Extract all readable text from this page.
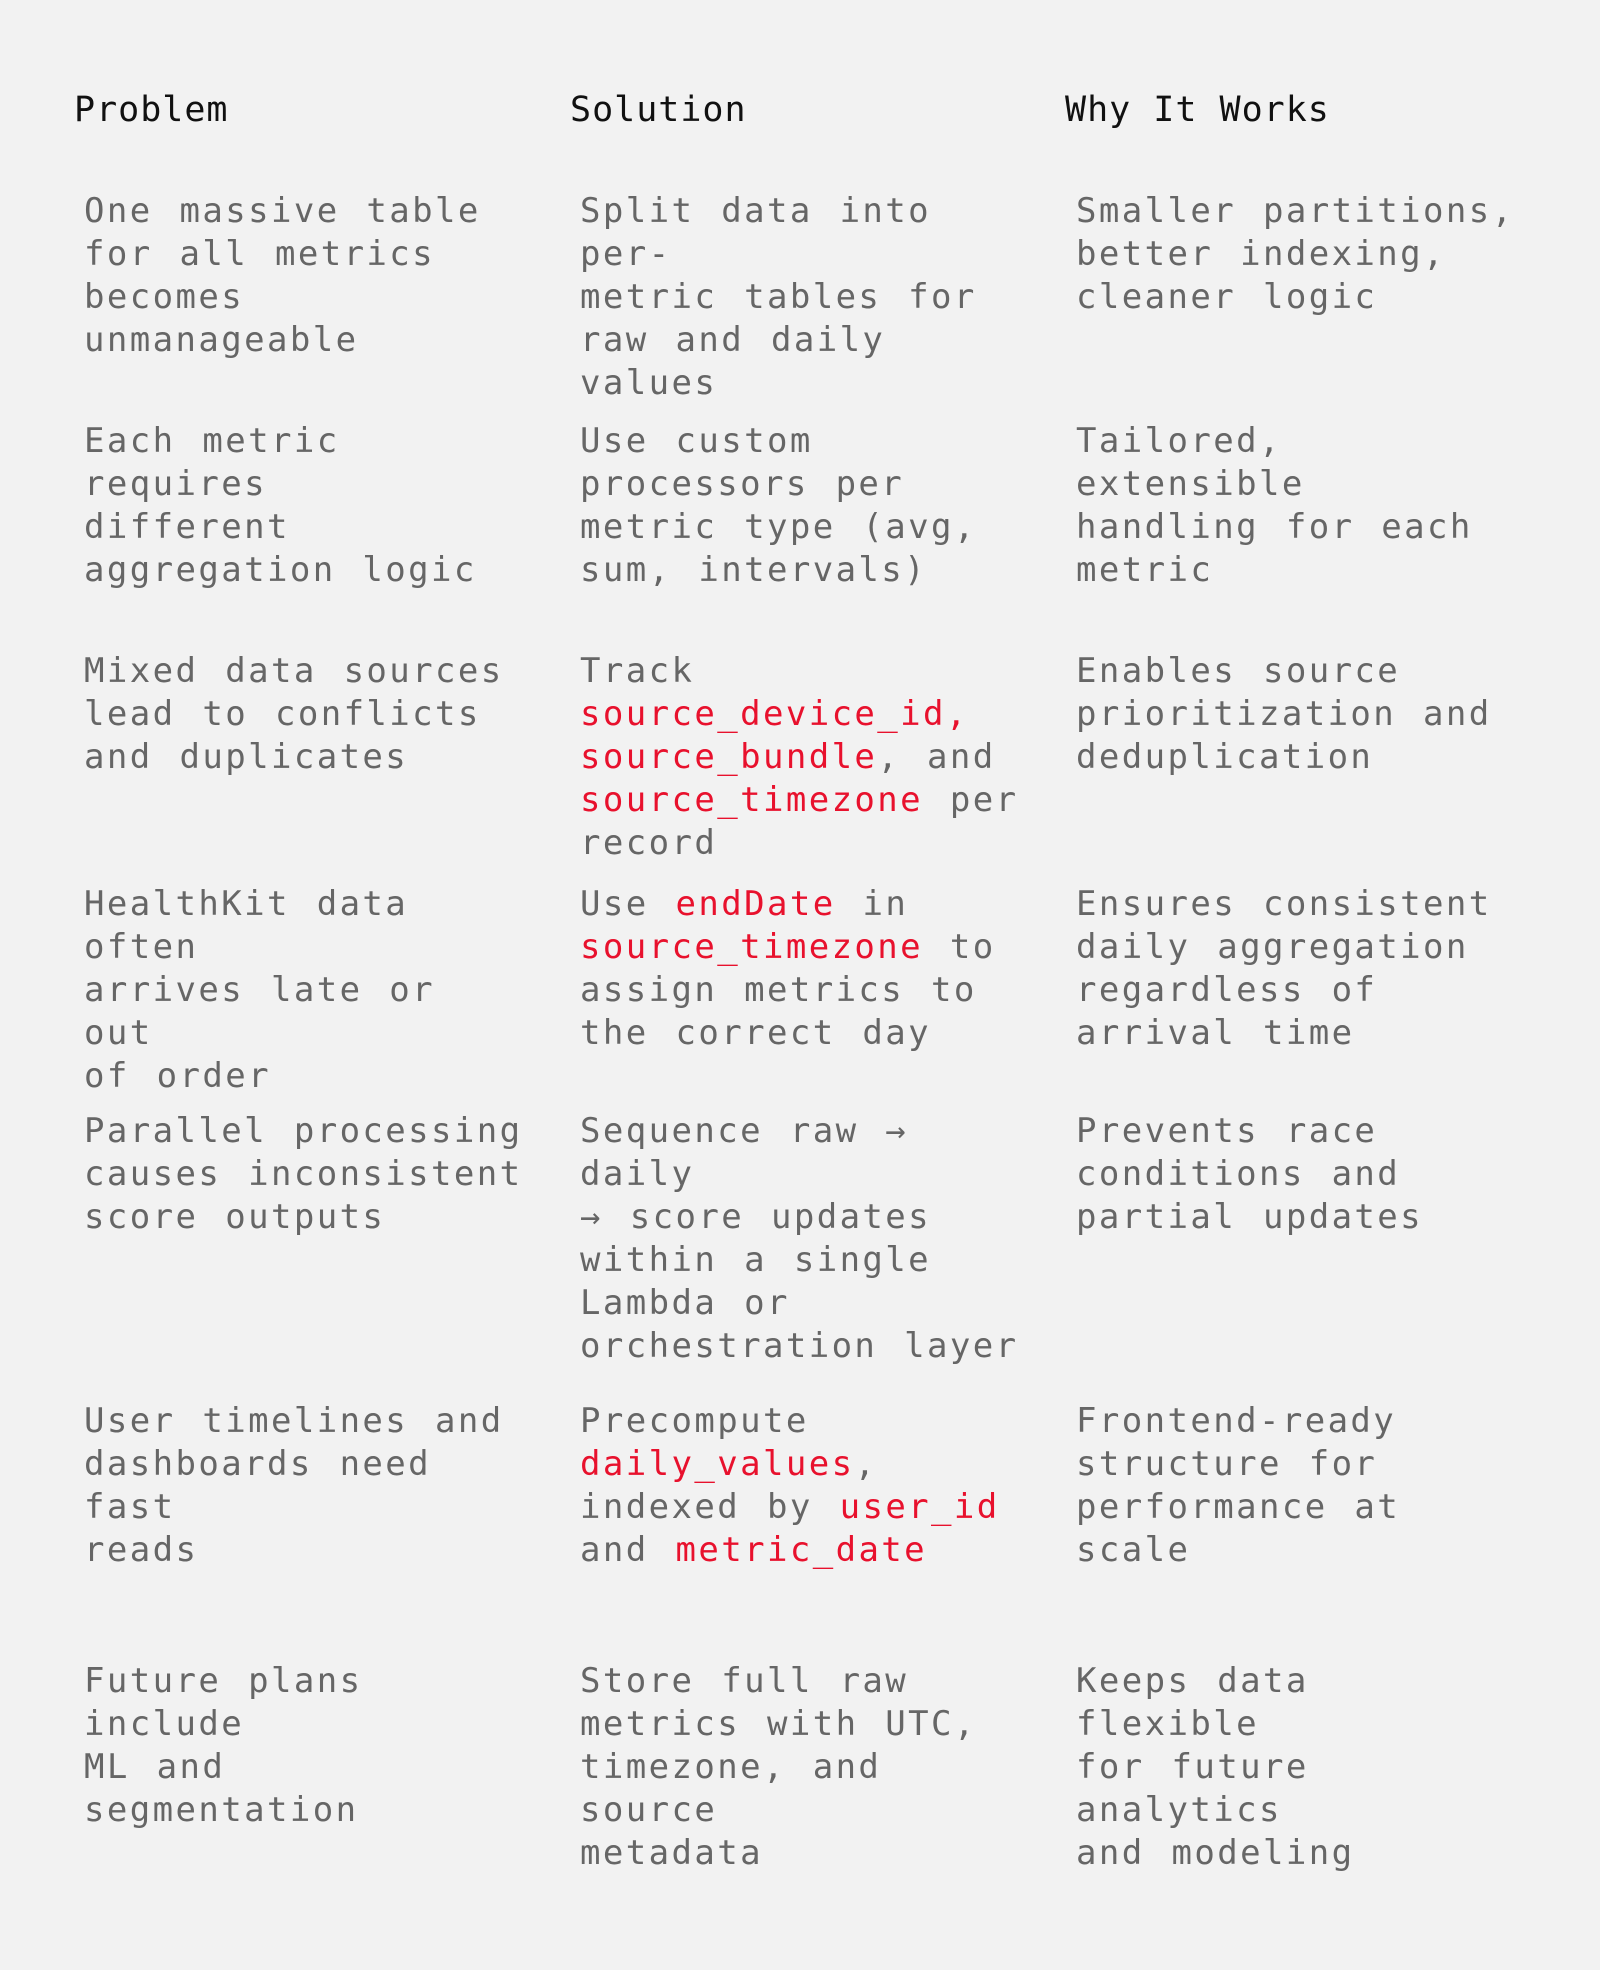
Problem	Solution	Why It Works
One massive table
for all metrics
becomes unmanageable
Split data into per-
metric tables for
raw and daily values
Smaller partitions,
better indexing,
cleaner logic
Each metric requires
different
aggregation logic
Use custom
processors per
metric type (avg,
sum, intervals)
Tailored, extensible
handling for each
metric
Mixed data sources
lead to conflicts
and duplicates
Track
source_device_id,
source_bundle, and
source_timezone per
record
Enables source
prioritization and
deduplication
HealthKit data often
arrives late or out
of order
Use endDate in
source_timezone to
assign metrics to
the correct day
Ensures consistent
daily aggregation
regardless of
arrival time
Parallel processing
causes inconsistent
score outputs
Sequence raw → daily
→ score updates
within a single
Lambda or
orchestration layer
Prevents race
conditions and
partial updates
User timelines and
dashboards need fast
reads
Precompute
daily_values,
indexed by user_id
and metric_date
Frontend-ready
structure for
performance at scale
Future plans include
ML and segmentation
Store full raw
metrics with UTC,
timezone, and source
metadata
Keeps data flexible
for future analytics
and modeling
